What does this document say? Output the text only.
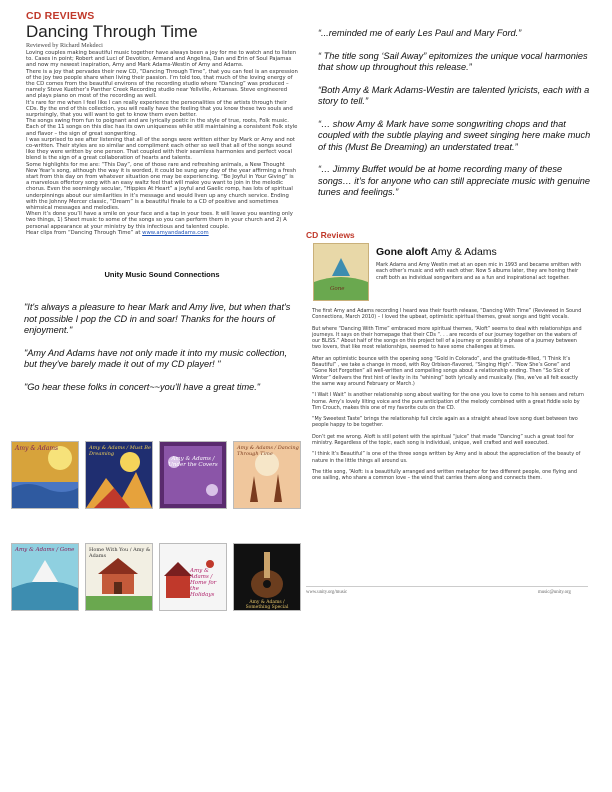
CD REVIEWS
Dancing Through Time
Reviewed by Richard Mekdeci

Loving couples making beautiful music together have always been a joy for me to watch and to listen to. Cases in point; Robert and Luci of Devotion, Armand and Angelina, Dan and Erin of Soul Pajamas and now my newest inspiration, Amy and Mark Adams-Westin of Amy and Adams.

There is a joy that pervades their new CD, “Dancing Through Time”, that you can feel is an expression of the joy two people share when living their passion. I’m told too, that much of the loving energy of the CD comes from the beautiful environs of the recording studio where “Dancing” was produced – namely Steve Kuether’s Panther Creek Recording studio near Yellville, Arkansas. Steve engineered and plays piano on most of the recording as well.

It’s rare for me when I feel like I can really experience the personalities of the artists through their CDs. By the end of this collection, you will really have the feeling that you know these two souls and surprisingly, that you will want to get to know them even better.

The songs swing from fun to poignant and are lyrically poetic in the style of true, roots, Folk music. Each of the 11 songs on this disc has its own uniqueness while still maintaining a consistent Folk style and flavor – the sign of great songwriting.

I was surprised to see after listening that all of the songs were written either by Mark or Amy and not co-written. Their styles are so similar and compliment each other so well that all of the songs sound like they were written by one person. That coupled with their seamless harmonies and perfect vocal blend is the sign of a great collaboration of hearts and talents.

Some highlights for me are: “This Day”, one of those rare and refreshing animals, a New Thought New Year’s song, although the way it is worded, it could be sung any day of the year affirming a fresh start from this day on from whatever situation one may be experiencing. “Be Joyful in Your Giving” is a marvelous offertory song with an easy waltz feel that will make you want to join in the melodic chorus. Even the seemingly secular, “Hippies At Heart” a joyful and Gaelic romp, has lots of spiritual underpinnings about our similarities in it’s message and would liven up any church service. Ending with the Johnny Mercer classic, “Dream” is a beautiful finale to a CD of positive and sometimes whimsical messages and melodies.

When it’s done you’ll have a smile on your face and a tap in your toes. It will leave you wanting only two things, 1) Sheet music to some of the songs so you can perform them in your church and 2) A personal appearance at your ministry by this infectious and talented couple.

Hear clips from “Dancing Through Time” at www.amyandadams.com

Unity Music Sound Connections

"It's always a pleasure to hear Mark and Amy live, but when that's not possible I pop the CD in and soar! Thanks for the hours of enjoyment."

"Amy And Adams have not only made it into my music collection, but they've barely made it out of my CD player! "

"Go hear these folks in concert~~you'll have a great time."

“...reminded me of early Les Paul and Mary Ford.”

“ The title song ‘Sail Away” epitomizes the unique vocal harmonies that show up throughout this release.”

“Both Amy & Mark Adams-Westin are talented lyricists, each with a story to tell.”

“… show Amy & Mark have some songwriting chops and that coupled with the subtle playing and sweet singing here make much of this (Must Be Dreaming) an understated treat.”

“… Jimmy Buffet would be at home recording many of these songs… it’s for anyone who can still appreciate music with genuine tunes and feelings.”

Amy & Adams	Amy & Adams / Must Be Dreaming
Amy & Adams / Under the Covers
Amy & Adams / Dancing Through Time
Amy & Adams / Gone	Home With You / Amy & Adams
Amy & Adams / Home for the Holidays
Amy & Adams / Something Special
CD Reviews
Gone
Gone aloft Amy & Adams
Mark Adams and Amy Westin met at an open mic in 1993 and became smitten with each other’s music and with each other. Now 5 albums later, they are honing their craft both as individual songwriters and as a fun and inspirational act together.

The first Amy and Adams recording I heard was their fourth release, “Dancing With Time” (Reviewed in Sound Connections, March 2010) – I loved the upbeat, optimistic spiritual themes, great songs and tight vocals.

But where “Dancing With Time” embraced more spiritual themes, “Aloft” seems to deal with relationships and journeys. It says on their homepage that their CDs “. . . are records of our journey together on the waters of our BLISS.” About half of the songs on this project tell of a journey or possibly a phase of a journey between two lovers, that like most relationships, seemed to have some challenges at times.

After an optimistic bounce with the opening song “Gold in Colorado”, and the gratitude-filled, “I Think It’s Beautiful” , we take a change in mood, with Roy Orbison-flavored, “Singing High”. “Now She’s Gone” and “Gone Not Forgotten” all well-written and compelling songs about a relationship ending. Then “So Sick of Winter” delivers the first hint of levity in its “whining” both lyrically and musically. (Yes, we’ve all felt exactly the same way around February or March.)

“I Wait I Wait” is another relationship song about waiting for the one you love to come to his senses and return home. Amy’s lovely lilting voice and the pure anticipation of the melody combined with a great fiddle solo by Tim Crouch, makes this one of my favorite cuts on the CD.

“My Sweetest Taste” brings the relationship full circle again as a straight ahead love song duet between two people happy to be together.

Don’t get me wrong. Aloft is still potent with the spiritual “juice” that made “Dancing” such a great tool for ministry. Regardless of the topic, each song is individual, unique, well crafted and well executed.

“I think It’s Beautiful” is one of the three songs written by Amy and is about the appreciation of the beauty of nature in the little things all around us.

The title song, “Aloft: is a beautifully arranged and written metaphor for two different people, one flying and one sailing, who share a common love – the wind that carries them along and connects them.

www.unity.org/music	music@unity.org
